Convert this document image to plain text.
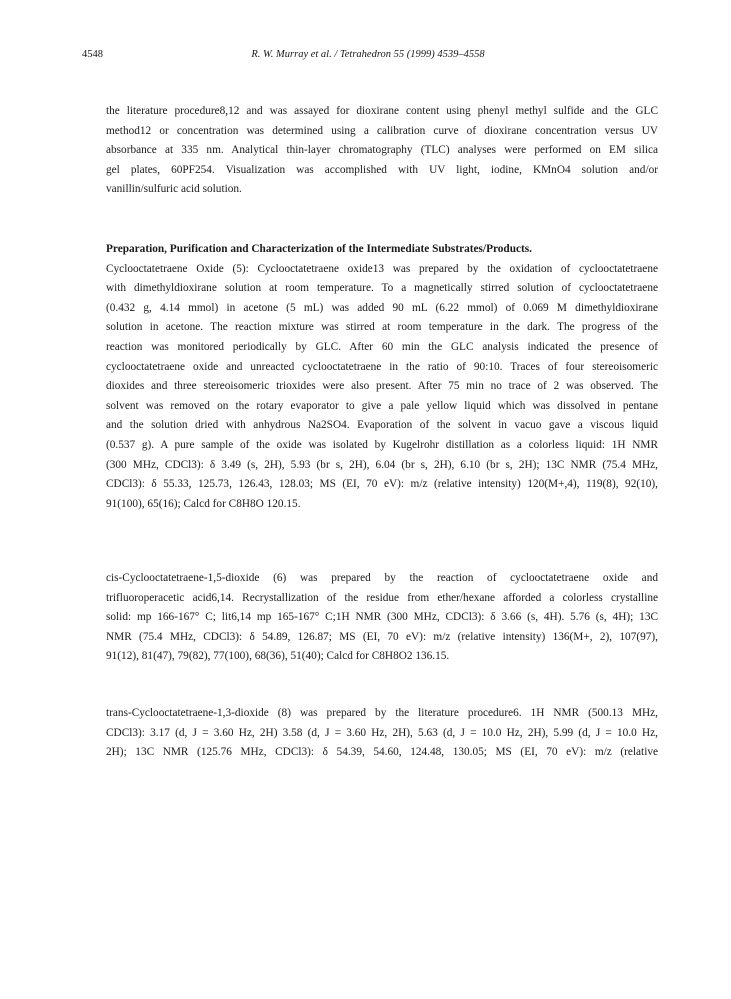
4548	R. W. Murray et al. / Tetrahedron 55 (1999) 4539–4558
the literature procedure8,12 and was assayed for dioxirane content using phenyl methyl sulfide and the GLC
method12 or concentration was determined using a calibration curve of dioxirane concentration versus UV
absorbance at 335 nm. Analytical thin-layer chromatography (TLC) analyses were performed on EM silica
gel plates, 60PF254. Visualization was accomplished with UV light, iodine, KMnO4 solution and/or
vanillin/sulfuric acid solution.
Preparation, Purification and Characterization of the Intermediate Substrates/Products.
Cyclooctatetraene Oxide (5): Cyclooctatetraene oxide13 was prepared by the oxidation of cyclooctatetraene
with dimethyldioxirane solution at room temperature. To a magnetically stirred solution of cyclooctatetraene
(0.432 g, 4.14 mmol) in acetone (5 mL) was added 90 mL (6.22 mmol) of 0.069 M dimethyldioxirane
solution in acetone. The reaction mixture was stirred at room temperature in the dark. The progress of the
reaction was monitored periodically by GLC. After 60 min the GLC analysis indicated the presence of
cyclooctatetraene oxide and unreacted cyclooctatetraene in the ratio of 90:10. Traces of four stereoisomeric
dioxides and three stereoisomeric trioxides were also present. After 75 min no trace of 2 was observed. The
solvent was removed on the rotary evaporator to give a pale yellow liquid which was dissolved in pentane
and the solution dried with anhydrous Na2SO4. Evaporation of the solvent in vacuo gave a viscous liquid
(0.537 g). A pure sample of the oxide was isolated by Kugelrohr distillation as a colorless liquid: 1H NMR
(300 MHz, CDCl3): δ 3.49 (s, 2H), 5.93 (br s, 2H), 6.04 (br s, 2H), 6.10 (br s, 2H); 13C NMR (75.4 MHz,
CDCl3): δ 55.33, 125.73, 126.43, 128.03; MS (EI, 70 eV): m/z (relative intensity) 120(M+,4), 119(8), 92(10),
91(100), 65(16); Calcd for C8H8O 120.15.
cis-Cyclooctatetraene-1,5-dioxide (6) was prepared by the reaction of cyclooctatetraene oxide and
trifluoroperacetic acid6,14. Recrystallization of the residue from ether/hexane afforded a colorless crystalline
solid: mp 166-167° C; lit6,14 mp 165-167° C;1H NMR (300 MHz, CDCl3): δ 3.66 (s, 4H). 5.76 (s, 4H); 13C
NMR (75.4 MHz, CDCl3): δ 54.89, 126.87; MS (EI, 70 eV): m/z (relative intensity) 136(M+, 2), 107(97),
91(12), 81(47), 79(82), 77(100), 68(36), 51(40); Calcd for C8H8O2 136.15.
trans-Cyclooctatetraene-1,3-dioxide (8) was prepared by the literature procedure6. 1H NMR (500.13 MHz,
CDCl3): 3.17 (d, J = 3.60 Hz, 2H) 3.58 (d, J = 3.60 Hz, 2H), 5.63 (d, J = 10.0 Hz, 2H), 5.99 (d, J = 10.0 Hz,
2H); 13C NMR (125.76 MHz, CDCl3): δ 54.39, 54.60, 124.48, 130.05; MS (EI, 70 eV): m/z (relative
